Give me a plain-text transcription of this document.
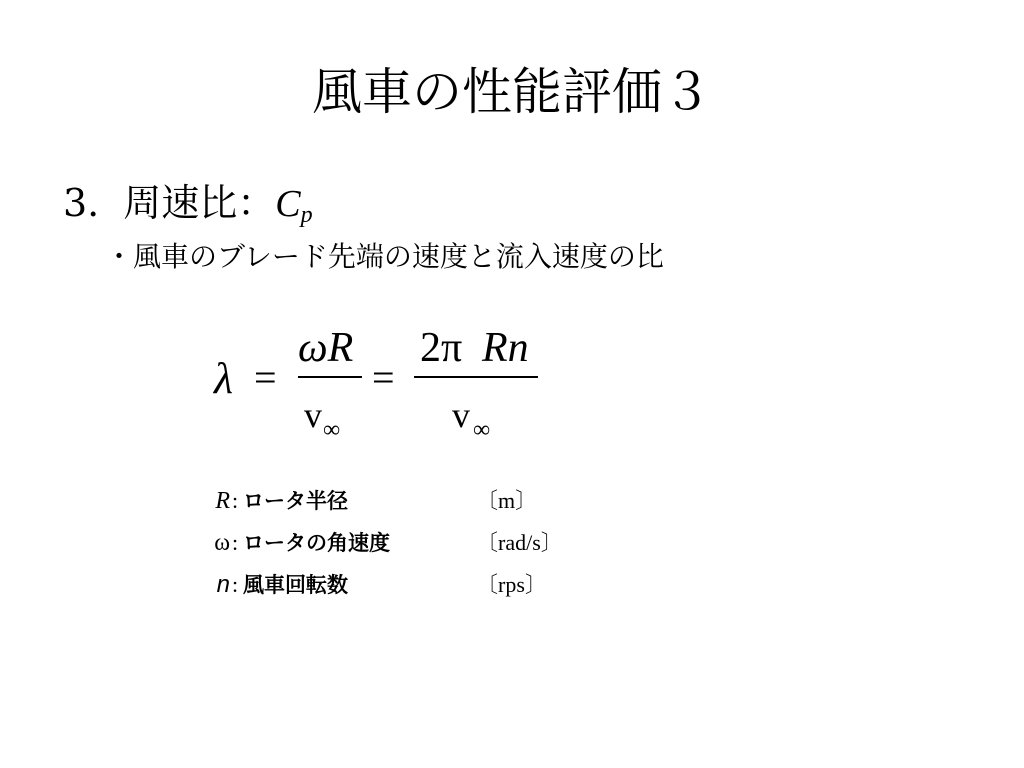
風車の性能評価３
3. 周速比：$C_p$
・風車のブレード先端の速度と流入速度の比
λ =
ωR
v ∞
=
2π Rn
v ∞
R : ロータ半径	〔m〕
ω : ロータの角速度	〔rad/s〕
n : 風車回転数	〔rps〕
